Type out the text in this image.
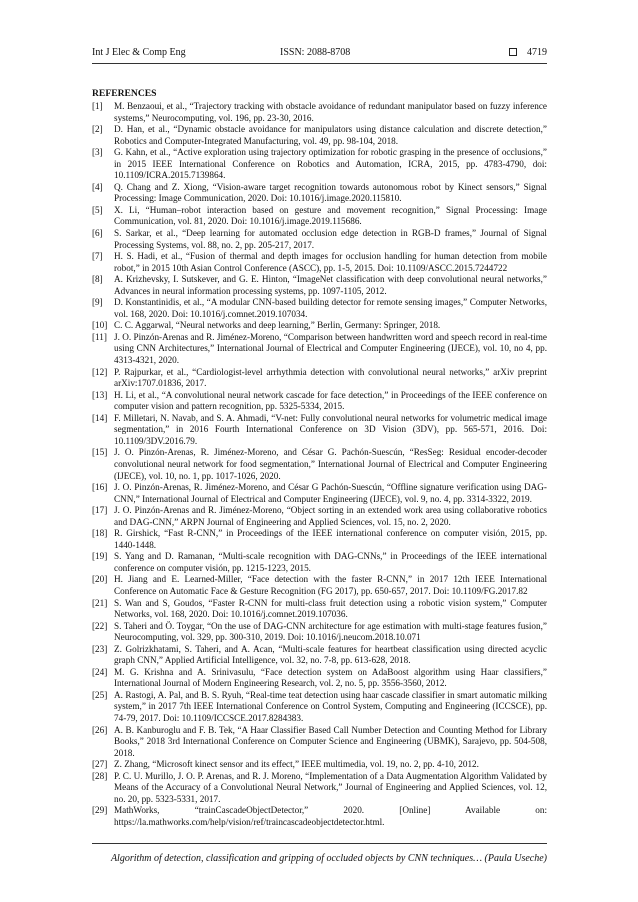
Int J Elec & Comp Eng	ISSN: 2088-8708	4719
REFERENCES
[1] M. Benzaoui, et al., “Trajectory tracking with obstacle avoidance of redundant manipulator based on fuzzy inference systems,” Neurocomputing, vol. 196, pp. 23-30, 2016.
[2] D. Han, et al., “Dynamic obstacle avoidance for manipulators using distance calculation and discrete detection,” Robotics and Computer-Integrated Manufacturing, vol. 49, pp. 98-104, 2018.
[3] G. Kahn, et al., “Active exploration using trajectory optimization for robotic grasping in the presence of occlusions,” in 2015 IEEE International Conference on Robotics and Automation, ICRA, 2015, pp. 4783-4790, doi: 10.1109/ICRA.2015.7139864.
[4] Q. Chang and Z. Xiong, “Vision-aware target recognition towards autonomous robot by Kinect sensors,” Signal Processing: Image Communication, 2020. Doi: 10.1016/j.image.2020.115810.
[5] X. Li, “Human–robot interaction based on gesture and movement recognition,” Signal Processing: Image Communication, vol. 81, 2020. Doi: 10.1016/j.image.2019.115686.
[6] S. Sarkar, et al., “Deep learning for automated occlusion edge detection in RGB-D frames,” Journal of Signal Processing Systems, vol. 88, no. 2, pp. 205-217, 2017.
[7] H. S. Hadi, et al., “Fusion of thermal and depth images for occlusion handling for human detection from mobile robot,” in 2015 10th Asian Control Conference (ASCC), pp. 1-5, 2015. Doi: 10.1109/ASCC.2015.7244722
[8] A. Krizhevsky, I. Sutskever, and G. E. Hinton, “ImageNet classification with deep convolutional neural networks,” Advances in neural information processing systems, pp. 1097-1105, 2012.
[9] D. Konstantinidis, et al., “A modular CNN-based building detector for remote sensing images,” Computer Networks, vol. 168, 2020. Doi: 10.1016/j.comnet.2019.107034.
[10] C. C. Aggarwal, “Neural networks and deep learning,” Berlin, Germany: Springer, 2018.
[11] J. O. Pinzón-Arenas and R. Jiménez-Moreno, “Comparison between handwritten word and speech record in real-time using CNN Architectures,” International Journal of Electrical and Computer Engineering (IJECE), vol. 10, no 4, pp. 4313-4321, 2020.
[12] P. Rajpurkar, et al., “Cardiologist-level arrhythmia detection with convolutional neural networks,” arXiv preprint arXiv:1707.01836, 2017.
[13] H. Li, et al., “A convolutional neural network cascade for face detection,” in Proceedings of the IEEE conference on computer vision and pattern recognition, pp. 5325-5334, 2015.
[14] F. Milletari, N. Navab, and S. A. Ahmadi, “V-net: Fully convolutional neural networks for volumetric medical image segmentation,” in 2016 Fourth International Conference on 3D Vision (3DV), pp. 565-571, 2016. Doi: 10.1109/3DV.2016.79.
[15] J. O. Pinzón-Arenas, R. Jiménez-Moreno, and César G. Pachón-Suescún, “ResSeg: Residual encoder-decoder convolutional neural network for food segmentation,” International Journal of Electrical and Computer Engineering (IJECE), vol. 10, no. 1, pp. 1017-1026, 2020.
[16] J. O. Pinzón-Arenas, R. Jiménez-Moreno, and César G Pachón-Suescún, “Offline signature verification using DAG-CNN,” International Journal of Electrical and Computer Engineering (IJECE), vol. 9, no. 4, pp. 3314-3322, 2019.
[17] J. O. Pinzón-Arenas and R. Jiménez-Moreno, “Object sorting in an extended work area using collaborative robotics and DAG-CNN,” ARPN Journal of Engineering and Applied Sciences, vol. 15, no. 2, 2020.
[18] R. Girshick, “Fast R-CNN,” in Proceedings of the IEEE international conference on computer visión, 2015, pp. 1440-1448.
[19] S. Yang and D. Ramanan, “Multi-scale recognition with DAG-CNNs,” in Proceedings of the IEEE international conference on computer visión, pp. 1215-1223, 2015.
[20] H. Jiang and E. Learned-Miller, “Face detection with the faster R-CNN,” in 2017 12th IEEE International Conference on Automatic Face & Gesture Recognition (FG 2017), pp. 650-657, 2017. Doi: 10.1109/FG.2017.82
[21] S. Wan and S, Goudos, “Faster R-CNN for multi-class fruit detection using a robotic vision system,” Computer Networks, vol. 168, 2020. Doi: 10.1016/j.comnet.2019.107036.
[22] S. Taheri and Ö. Toygar, “On the use of DAG-CNN architecture for age estimation with multi-stage features fusion,” Neurocomputing, vol. 329, pp. 300-310, 2019. Doi: 10.1016/j.neucom.2018.10.071
[23] Z. Golrizkhatami, S. Taheri, and A. Acan, “Multi-scale features for heartbeat classification using directed acyclic graph CNN,” Applied Artificial Intelligence, vol. 32, no. 7-8, pp. 613-628, 2018.
[24] M. G. Krishna and A. Srinivasulu, “Face detection system on AdaBoost algorithm using Haar classifiers,” International Journal of Modern Engineering Research, vol. 2, no. 5, pp. 3556-3560, 2012.
[25] A. Rastogi, A. Pal, and B. S. Ryuh, “Real-time teat detection using haar cascade classifier in smart automatic milking system,” in 2017 7th IEEE International Conference on Control System, Computing and Engineering (ICCSCE), pp. 74-79, 2017. Doi: 10.1109/ICCSCE.2017.8284383.
[26] A. B. Kanburoglu and F. B. Tek, “A Haar Classifier Based Call Number Detection and Counting Method for Library Books,” 2018 3rd International Conference on Computer Science and Engineering (UBMK), Sarajevo, pp. 504-508, 2018.
[27] Z. Zhang, “Microsoft kinect sensor and its effect,” IEEE multimedia, vol. 19, no. 2, pp. 4-10, 2012.
[28] P. C. U. Murillo, J. O. P. Arenas, and R. J. Moreno, “Implementation of a Data Augmentation Algorithm Validated by Means of the Accuracy of a Convolutional Neural Network,” Journal of Engineering and Applied Sciences, vol. 12, no. 20, pp. 5323-5331, 2017.
[29] MathWorks, “trainCascadeObjectDetector,” 2020. [Online] Available on: https://la.mathworks.com/help/vision/ref/traincascadeobjectdetector.html.
Algorithm of detection, classification and gripping of occluded objects by CNN techniques… (Paula Useche)
